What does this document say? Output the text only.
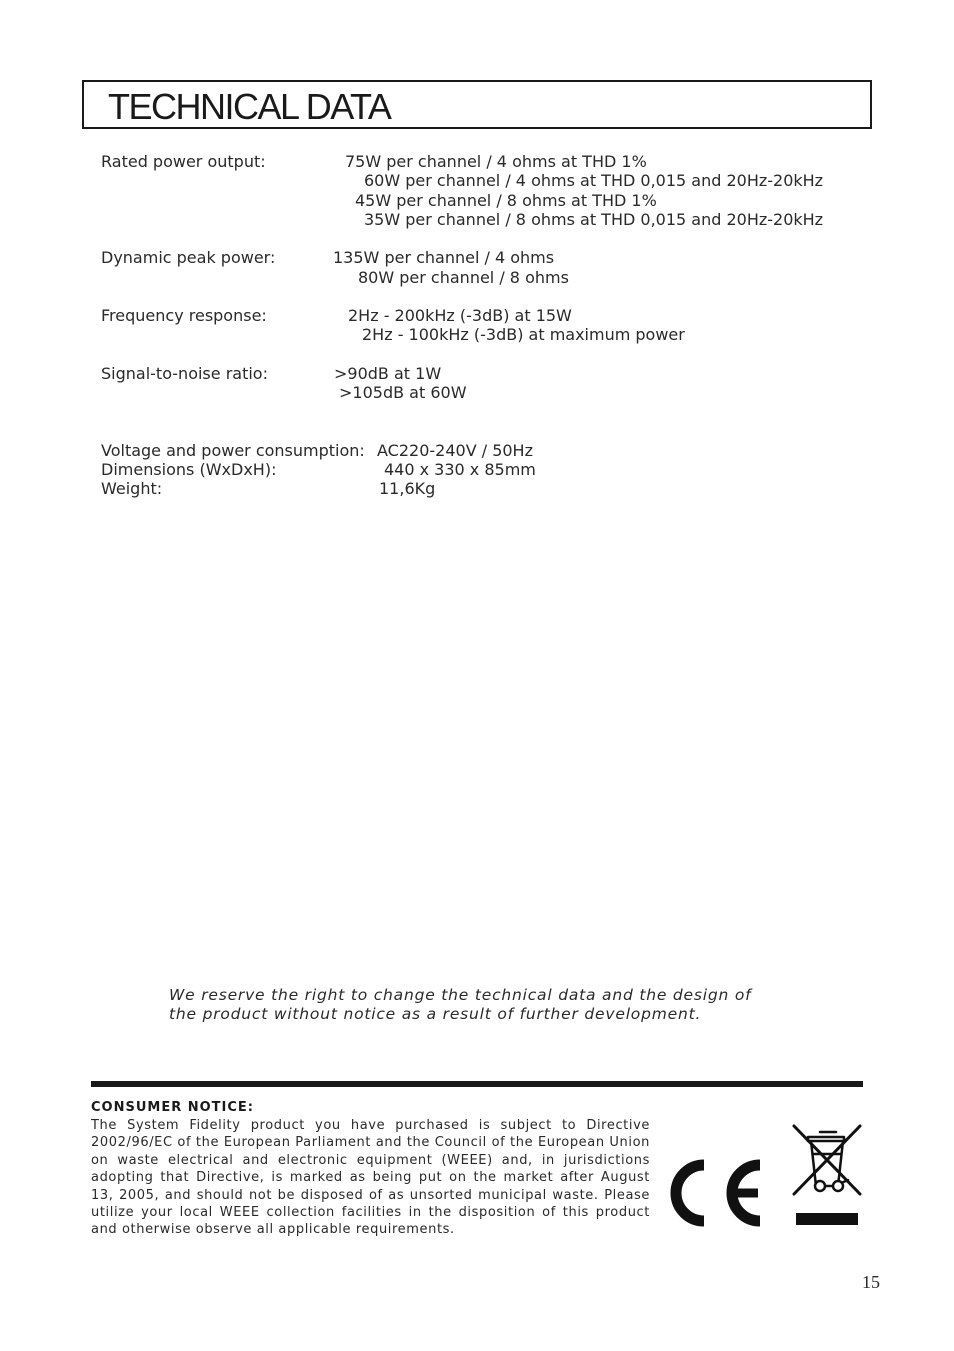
TECHNICAL DATA
Rated power output:	75W per channel / 4 ohms at THD 1%
60W per channel / 4 ohms at THD 0,015 and 20Hz-20kHz
45W per channel / 8 ohms at THD 1%
35W per channel / 8 ohms at THD 0,015 and 20Hz-20kHz
Dynamic peak power:	135W per channel / 4 ohms
80W per channel / 8 ohms
Frequency response:	2Hz - 200kHz (-3dB) at 15W
2Hz - 100kHz (-3dB) at maximum power
Signal-to-noise ratio:	>90dB at 1W
>105dB at 60W
Voltage and power consumption: AC220-240V / 50Hz
Dimensions (WxDxH):	440 x 330 x 85mm
Weight:	11,6Kg
We reserve the right to change the technical data and the design of
the product without notice as a result of further development.
CONSUMER NOTICE:
The System Fidelity product you have purchased is subject to Directive 2002/96/EC of the European Parliament and the Council of the European Union on waste electrical and electronic equipment (WEEE) and, in jurisdictions adopting that Directive, is marked as being put on the market after August 13, 2005, and should not be disposed of as unsorted municipal waste. Please utilize your local WEEE collection facilities in the disposition of this product and otherwise observe all applicable requirements.
15
